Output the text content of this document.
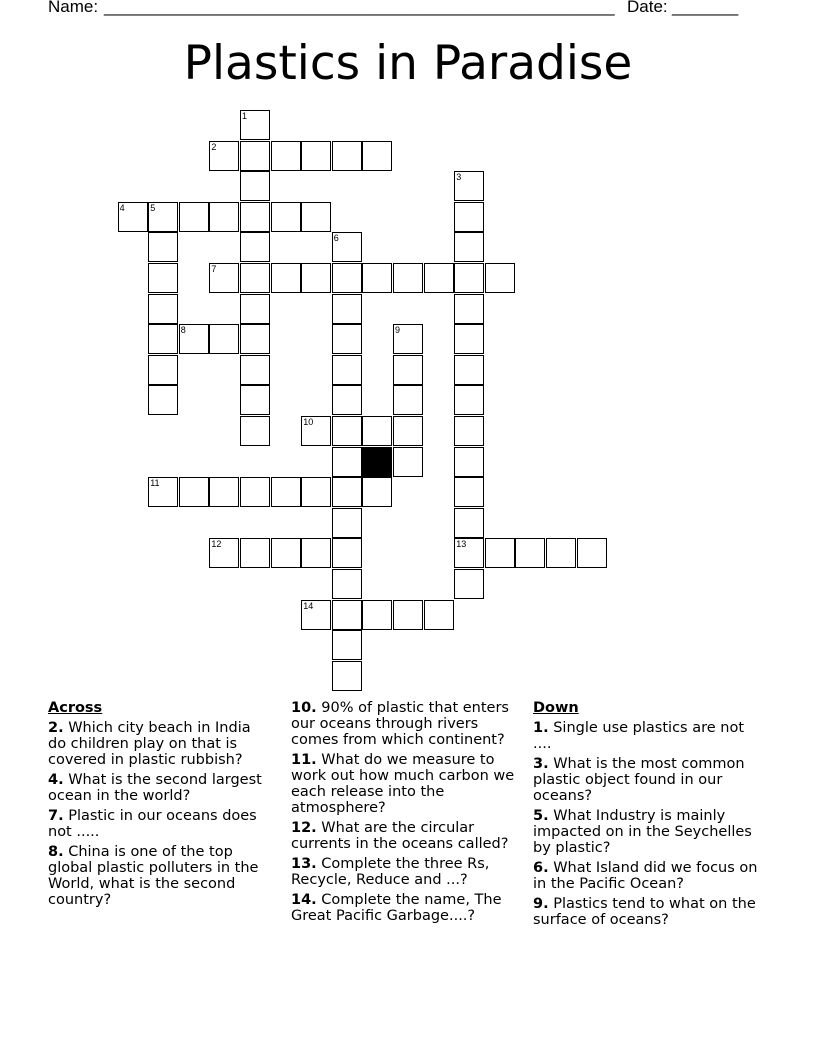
Name: ______________________________________________________ Date: _______
Plastics in Paradise
1
2
3
4	5
6
7
8	9
10
11
12	13
14
Across
2. Which city beach in India do children play on that is covered in plastic rubbish?
4. What is the second largest ocean in the world?
7. Plastic in our oceans does not .....
8. China is one of the top global plastic polluters in the World, what is the second country?
10. 90% of plastic that enters our oceans through rivers comes from which continent?
11. What do we measure to work out how much carbon we each release into the atmosphere?
12. What are the circular currents in the oceans called?
13. Complete the three Rs, Recycle, Reduce and ...?
14. Complete the name, The Great Pacific Garbage....?
Down
1. Single use plastics are not ....
3. What is the most common plastic object found in our oceans?
5. What Industry is mainly impacted on in the Seychelles by plastic?
6. What Island did we focus on in the Pacific Ocean?
9. Plastics tend to what on the surface of oceans?
